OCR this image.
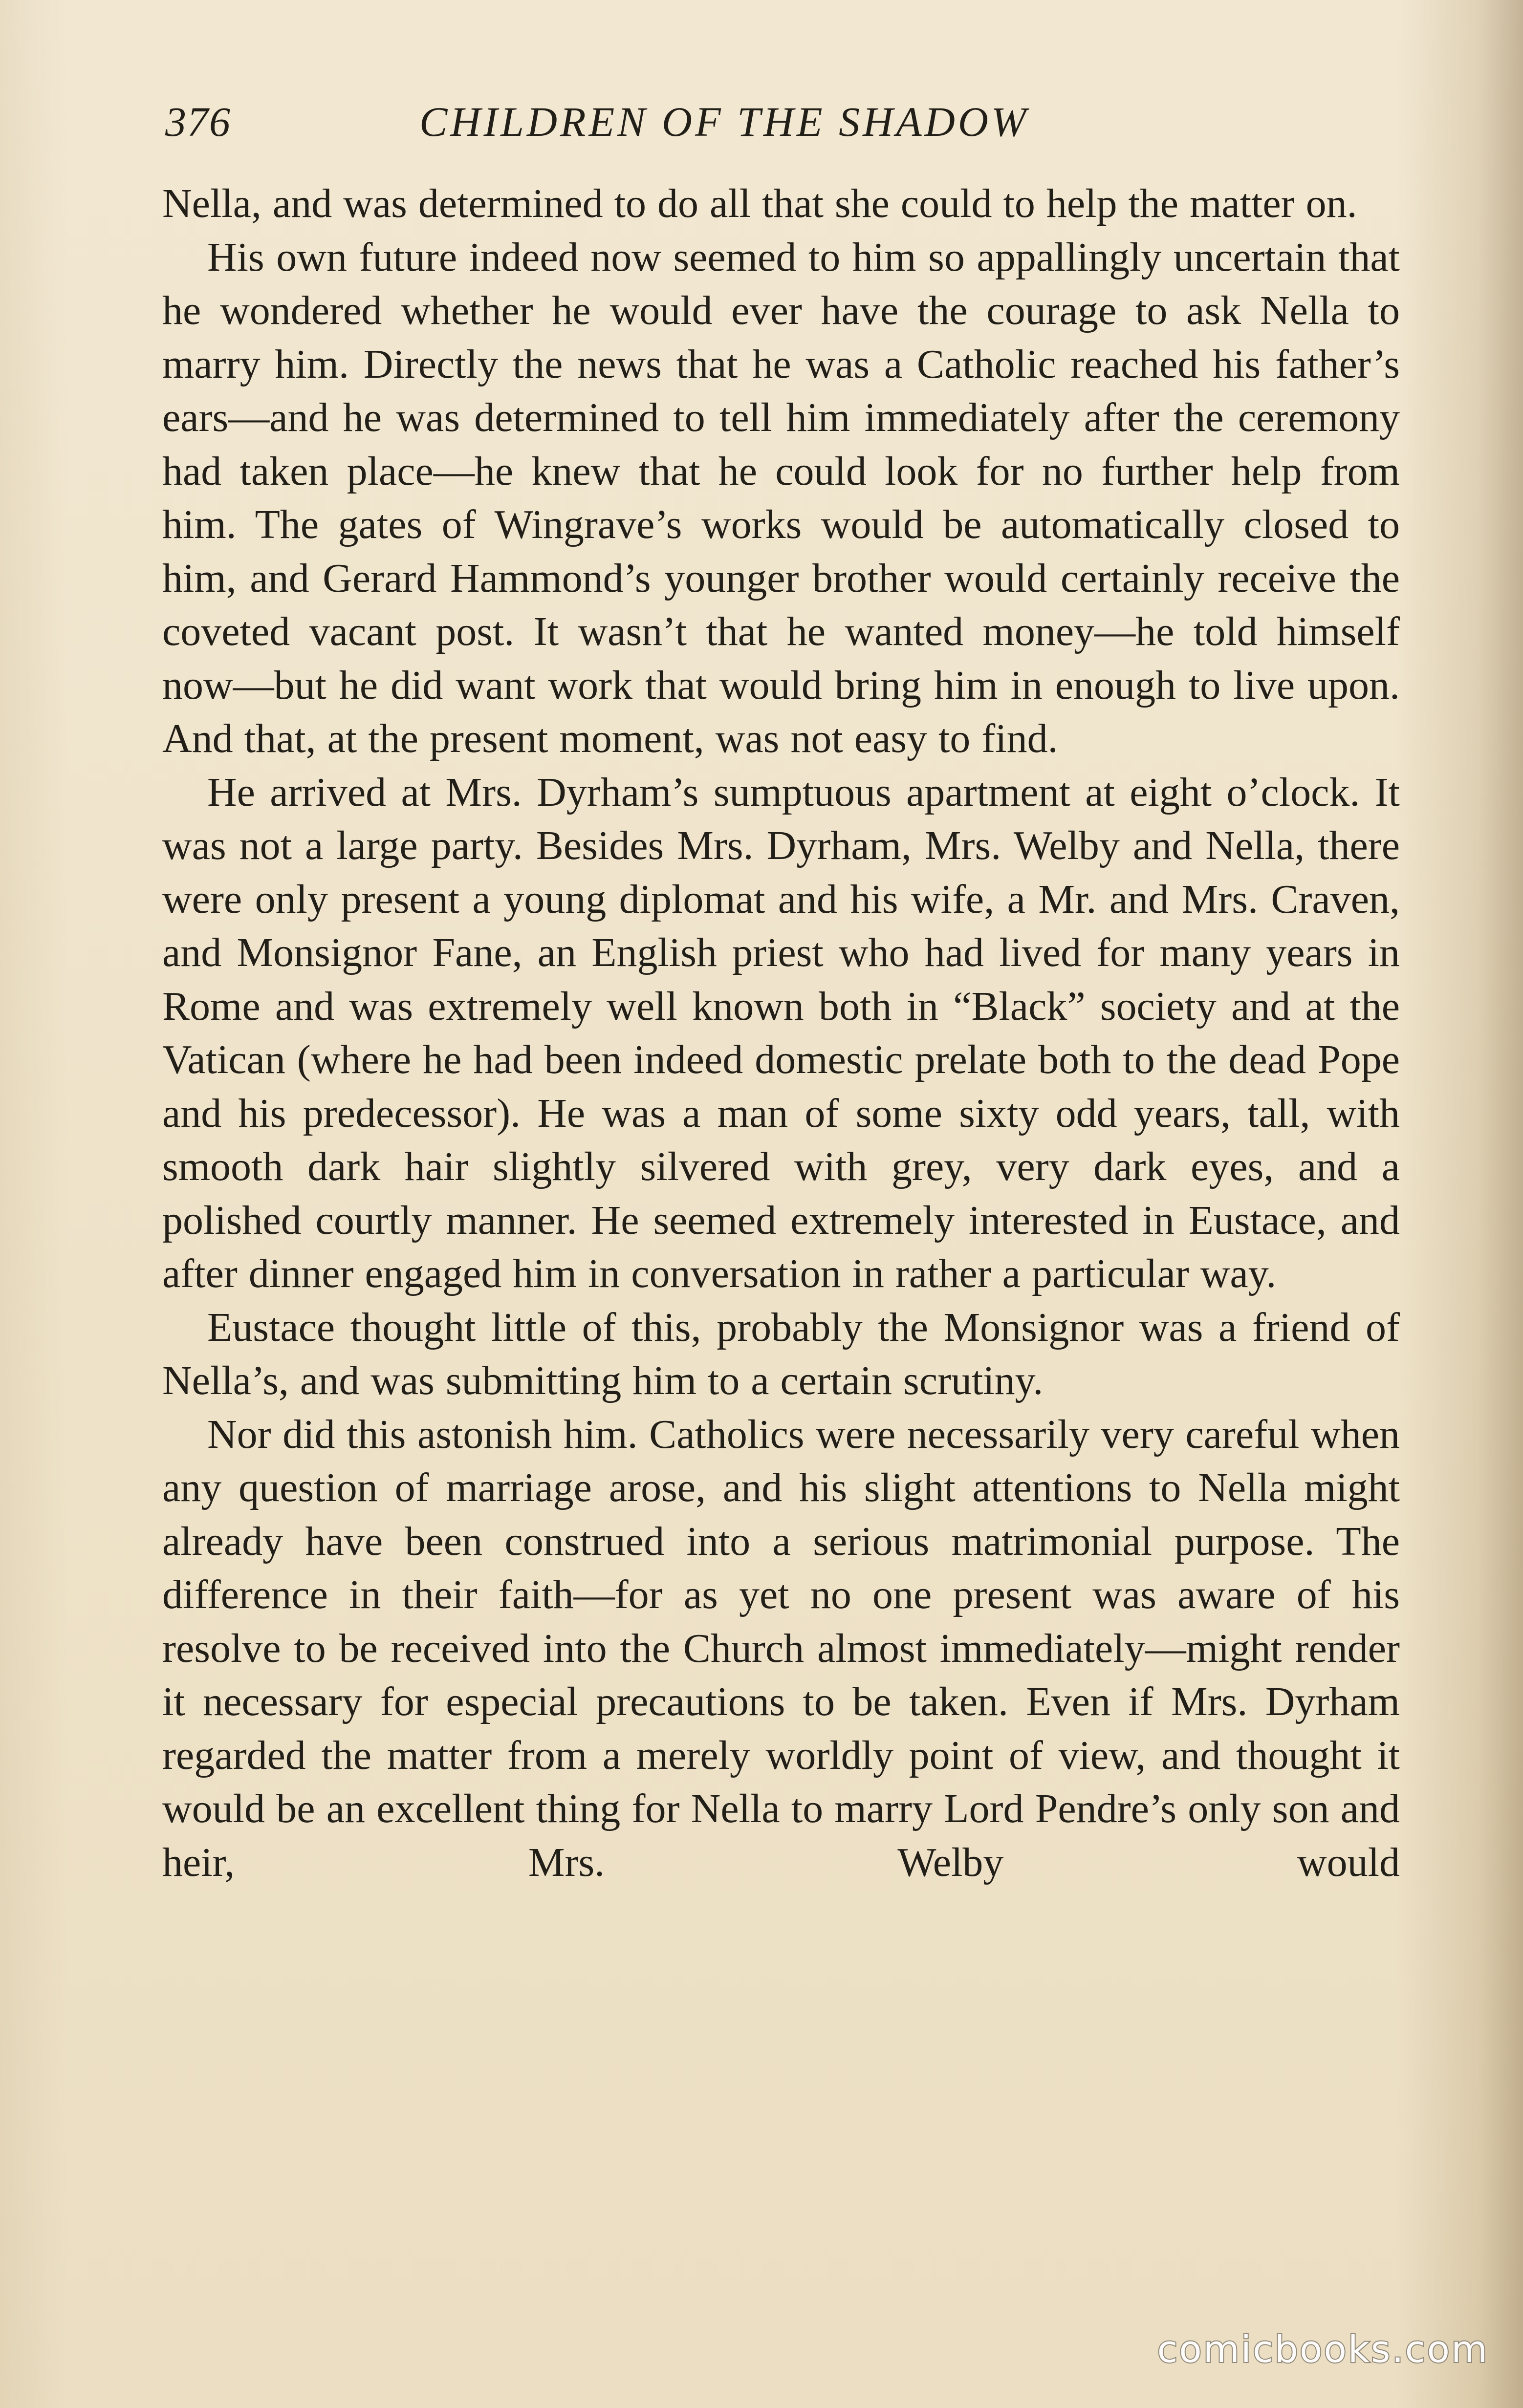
376	CHILDREN OF THE SHADOW

Nella, and was determined to do all that she could to help the matter on.

His own future indeed now seemed to him so appallingly uncertain that he wondered whether he would ever have the courage to ask Nella to marry him. Directly the news that he was a Catholic reached his father’s ears—and he was determined to tell him immediately after the ceremony had taken place—he knew that he could look for no further help from him. The gates of Wingrave’s works would be automatically closed to him, and Gerard Hammond’s younger brother would certainly receive the coveted vacant post. It wasn’t that he wanted money—he told himself now—but he did want work that would bring him in enough to live upon. And that, at the present moment, was not easy to find.

He arrived at Mrs. Dyrham’s sumptuous apartment at eight o’clock. It was not a large party. Besides Mrs. Dyrham, Mrs. Welby and Nella, there were only present a young diplomat and his wife, a Mr. and Mrs. Craven, and Monsignor Fane, an English priest who had lived for many years in Rome and was extremely well known both in “Black” society and at the Vatican (where he had been indeed domestic prelate both to the dead Pope and his predecessor). He was a man of some sixty odd years, tall, with smooth dark hair slightly silvered with grey, very dark eyes, and a polished courtly manner. He seemed extremely interested in Eustace, and after dinner engaged him in conversation in rather a particular way.

Eustace thought little of this, probably the Monsignor was a friend of Nella’s, and was submitting him to a certain scrutiny.

Nor did this astonish him. Catholics were necessarily very careful when any question of marriage arose, and his slight attentions to Nella might already have been construed into a serious matrimonial purpose. The difference in their faith—for as yet no one present was aware of his resolve to be received into the Church almost immediately—might render it necessary for especial precautions to be taken. Even if Mrs. Dyrham regarded the matter from a merely worldly point of view, and thought it would be an excellent thing for Nella to marry Lord Pendre’s only son and heir, Mrs. Welby would

comicbooks.com
